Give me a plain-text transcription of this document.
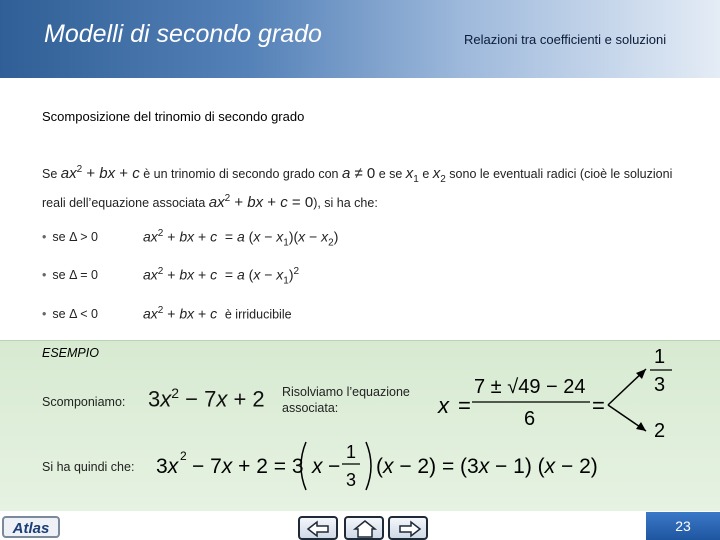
Modelli di secondo grado	Relazioni tra coefficienti e soluzioni
Scomposizione del trinomio di secondo grado
Se $ax^2$ + bx + c è un trinomio di secondo grado con a ≠ 0 e se $x_1$ e $x_2$ sono le eventuali radici (cioè le soluzioni reali dell’equazione associata $ax^2$ + bx + c = 0), si ha che:
• se Δ > 0	$ax^2$ + bx + c  = a $(x - x_1)(x - x_2)$
• se Δ = 0	$ax^2$ + bx + c  = a $(x - x_1)^2$
• se Δ < 0	$ax^2$ + bx + c è irriducibile
ESEMPIO
Scomponiamo: $3x^2 - 7x + 2$ Risolviamo l’equazione associata:	x =
7 ± √49 − 24
6
=
1
3
2
Si ha quindi che: 3x 2 − 7x + 2 = 3 x −
1
3
(x − 2) = (3x − 1) (x − 2)
Atlas	23
